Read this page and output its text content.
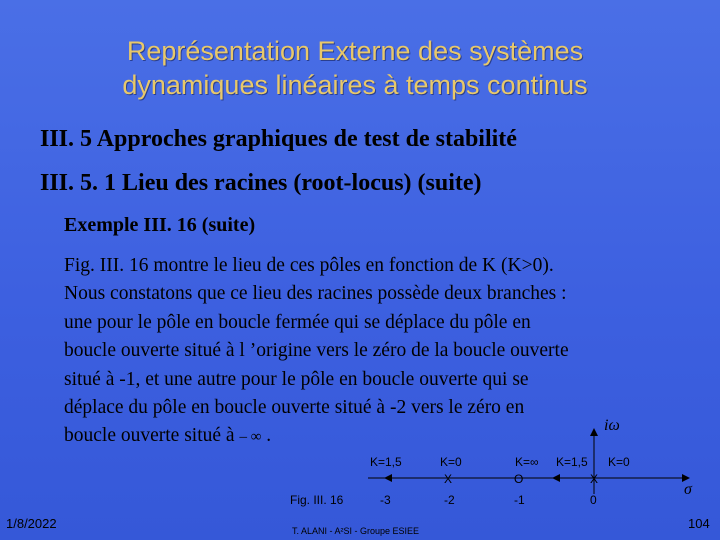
Représentation Externe des systèmes
dynamiques linéaires à temps continus
III. 5 Approches graphiques de test de stabilité
III. 5. 1 Lieu des racines (root-locus) (suite)
Exemple III. 16 (suite)
Fig. III. 16 montre le lieu de ces pôles en fonction de K (K>0).
Nous constatons que ce lieu des racines possède deux branches :
une pour le pôle en boucle fermée qui se déplace du pôle en
boucle ouverte situé à l ’origine vers le zéro de la boucle ouverte
situé à -1, et une autre pour le pôle en boucle ouverte qui se
déplace du pôle en boucle ouverte situé à -2 vers le zéro en
boucle ouverte situé à – ∞ .	iω
σ
X	O	X
K=1,5	K=0	K=∞ K=1,5 K=0
-3	-2	-1	0
Fig. III. 16
1/8/2022	T. ALANI - A²SI - Groupe ESIEE	104
